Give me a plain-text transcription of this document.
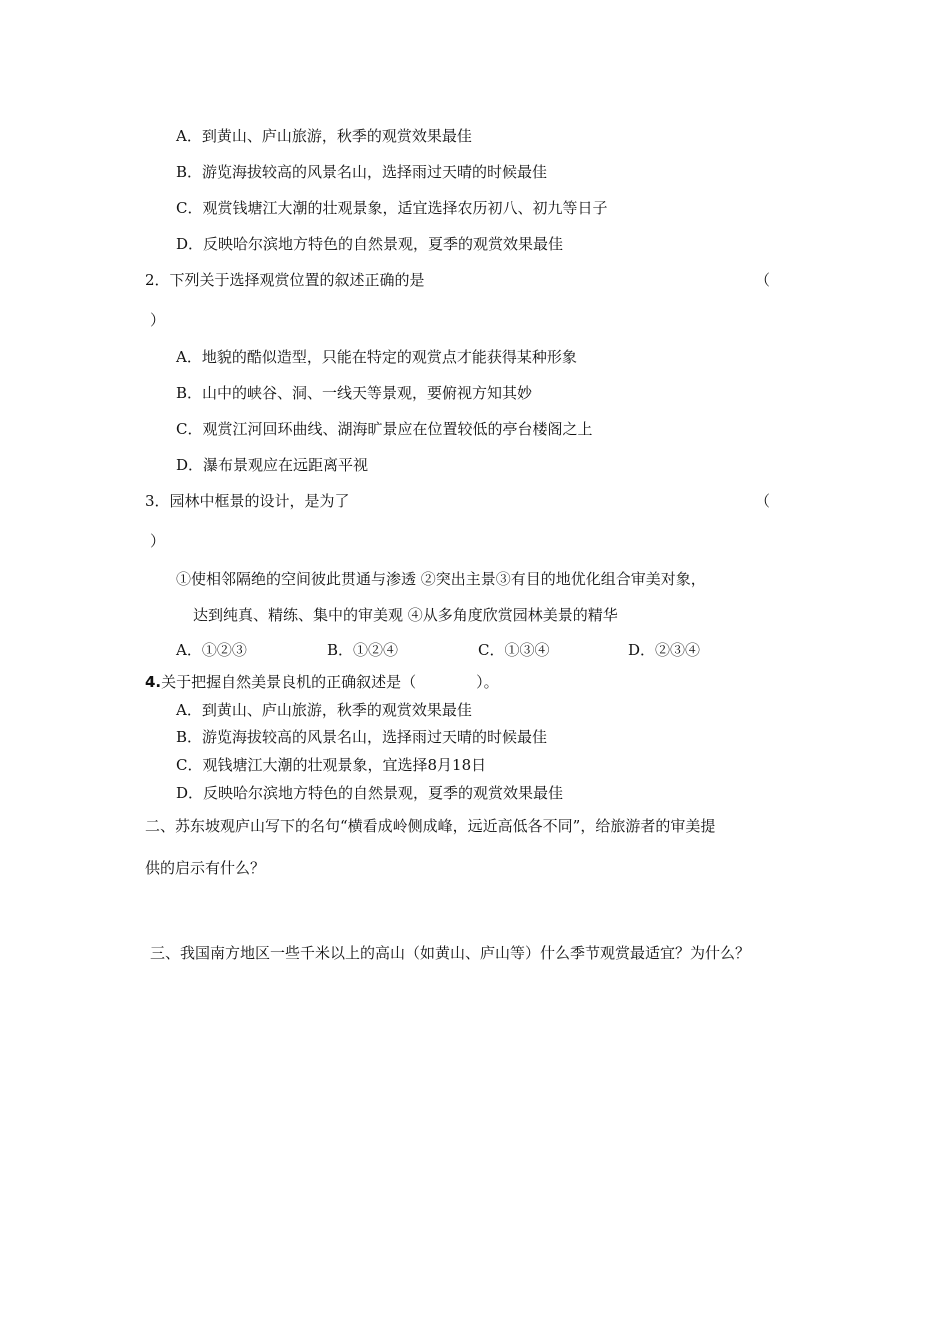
A．到黄山、庐山旅游，秋季的观赏效果最佳
B．游览海拔较高的风景名山，选择雨过天晴的时候最佳
C．观赏钱塘江大潮的壮观景象，适宜选择农历初八、初九等日子
D．反映哈尔滨地方特色的自然景观，夏季的观赏效果最佳
2．下列关于选择观赏位置的叙述正确的是	（
）
A．地貌的酷似造型，只能在特定的观赏点才能获得某种形象
B．山中的峡谷、洞、一线天等景观，要俯视方知其妙
C．观赏江河回环曲线、湖海旷景应在位置较低的亭台楼阁之上
D．瀑布景观应在远距离平视
3．园林中框景的设计，是为了	（
）
①使相邻隔绝的空间彼此贯通与渗透 ②突出主景③有目的地优化组合审美对象，
达到纯真、精练、集中的审美观 ④从多角度欣赏园林美景的精华
A．①②③	B．①②④	C．①③④	D．②③④
4.关于把握自然美景良机的正确叙述是（　　　　）。
A．到黄山、庐山旅游，秋季的观赏效果最佳
B．游览海拔较高的风景名山，选择雨过天晴的时候最佳
C．观钱塘江大潮的壮观景象，宜选择8月18日
D．反映哈尔滨地方特色的自然景观，夏季的观赏效果最佳
二、苏东坡观庐山写下的名句“横看成岭侧成峰，远近高低各不同”，给旅游者的审美提
供的启示有什么？
三、我国南方地区一些千米以上的高山（如黄山、庐山等）什么季节观赏最适宜？为什么？
